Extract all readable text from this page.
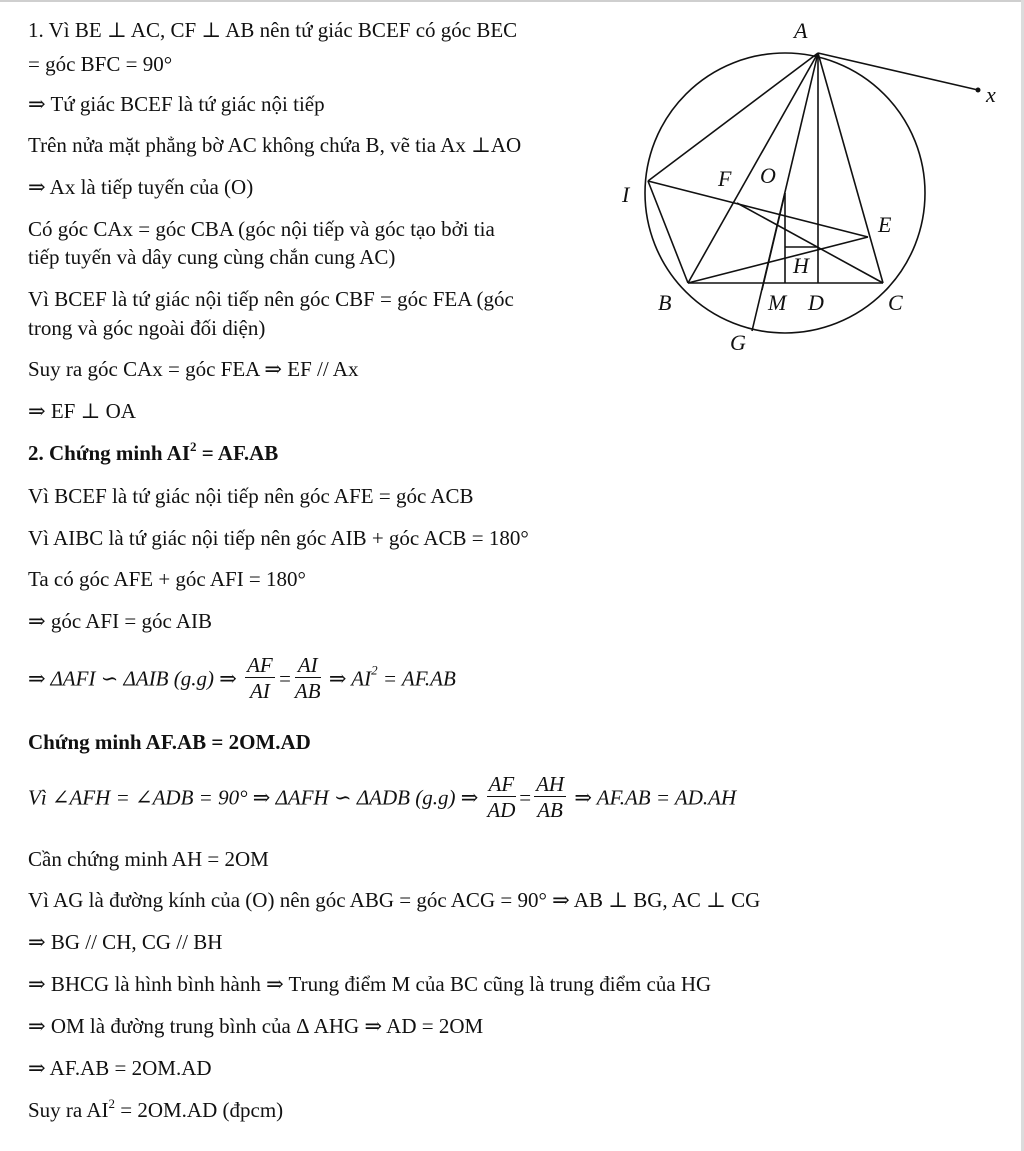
1. Vì BE ⊥ AC, CF ⊥ AB nên tứ giác BCEF có góc BEC
= góc BFC = 90°
⇒ Tứ giác BCEF là tứ giác nội tiếp
Trên nửa mặt phẳng bờ AC không chứa B, vẽ tia Ax ⊥AO
⇒ Ax là tiếp tuyến của (O)
Có góc CAx = góc CBA (góc nội tiếp và góc tạo bởi tia
tiếp tuyến và dây cung cùng chắn cung AC)
Vì BCEF là tứ giác nội tiếp nên góc CBF = góc FEA (góc
trong và góc ngoài đối diện)
Suy ra góc CAx = góc FEA ⇒ EF // Ax
⇒ EF ⊥ OA
2. Chứng minh $AI^2 = AF.AB$
Vì BCEF là tứ giác nội tiếp nên góc AFE = góc ACB
Vì AIBC là tứ giác nội tiếp nên góc AIB + góc ACB = 180°
Ta có góc AFE + góc AFI = 180°
⇒ góc AFI = góc AIB
⇒ ΔAFI ∽ ΔAIB (g.g) ⇒ $\frac{AF}{AI} = \frac{AI}{AB}$ ⇒ $AI^2 = AF.AB$
Chứng minh AF.AB = 2OM.AD
Vì ∠AFH = ∠ADB = 90° ⇒ ΔAFH ∽ ΔADB (g.g) ⇒ $\frac{AF}{AD} = \frac{AH}{AB}$ ⇒ AF.AB = AD.AH
Cần chứng minh AH = 2OM
Vì AG là đường kính của (O) nên góc ABG = góc ACG = 90° ⇒ AB ⊥ BG, AC ⊥ CG
⇒ BG // CH, CG // BH
⇒ BHCG là hình bình hành ⇒ Trung điểm M của BC cũng là trung điểm của HG
⇒ OM là đường trung bình của Δ AHG ⇒ AD = 2OM
⇒ AF.AB = 2OM.AD
Suy ra $AI^2 = 2OM.AD$ (đpcm)
A
x
I
F O
E
H
B	M D	C
G
